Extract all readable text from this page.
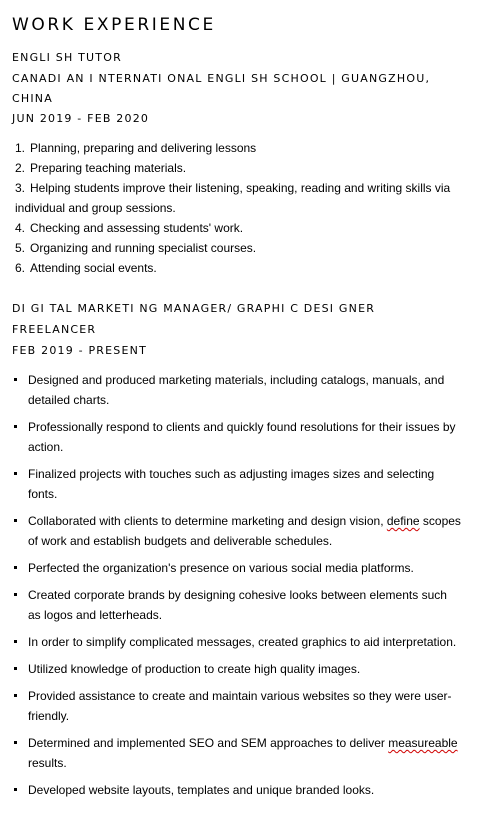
WORK EXPERIENCE
ENGLI SH TUTOR
CANADI AN I NTERNATI ONAL ENGLI SH SCHOOL | GUANGZHOU, CHINA
JUN 2019 - FEB 2020
1. Planning, preparing and delivering lessons
2. Preparing teaching materials.
3. Helping students improve their listening, speaking, reading and writing skills via individual and group sessions.
4. Checking and assessing students' work.
5. Organizing and running specialist courses.
6. Attending social events.
DI GI TAL MARKETI NG MANAGER/ GRAPHI C DESI GNER
FREELANCER
FEB 2019 - PRESENT
Designed and produced marketing materials, including catalogs, manuals, and detailed charts.
Professionally respond to clients and quickly found resolutions for their issues by action.
Finalized projects with touches such as adjusting images sizes and selecting fonts.
Collaborated with clients to determine marketing and design vision, define scopes of work and establish budgets and deliverable schedules.
Perfected the organization's presence on various social media platforms.
Created corporate brands by designing cohesive looks between elements such as logos and letterheads.
In order to simplify complicated messages, created graphics to aid interpretation.
Utilized knowledge of production to create high quality images.
Provided assistance to create and maintain various websites so they were user-friendly.
Determined and implemented SEO and SEM approaches to deliver measureable results.
Developed website layouts, templates and unique branded looks.
